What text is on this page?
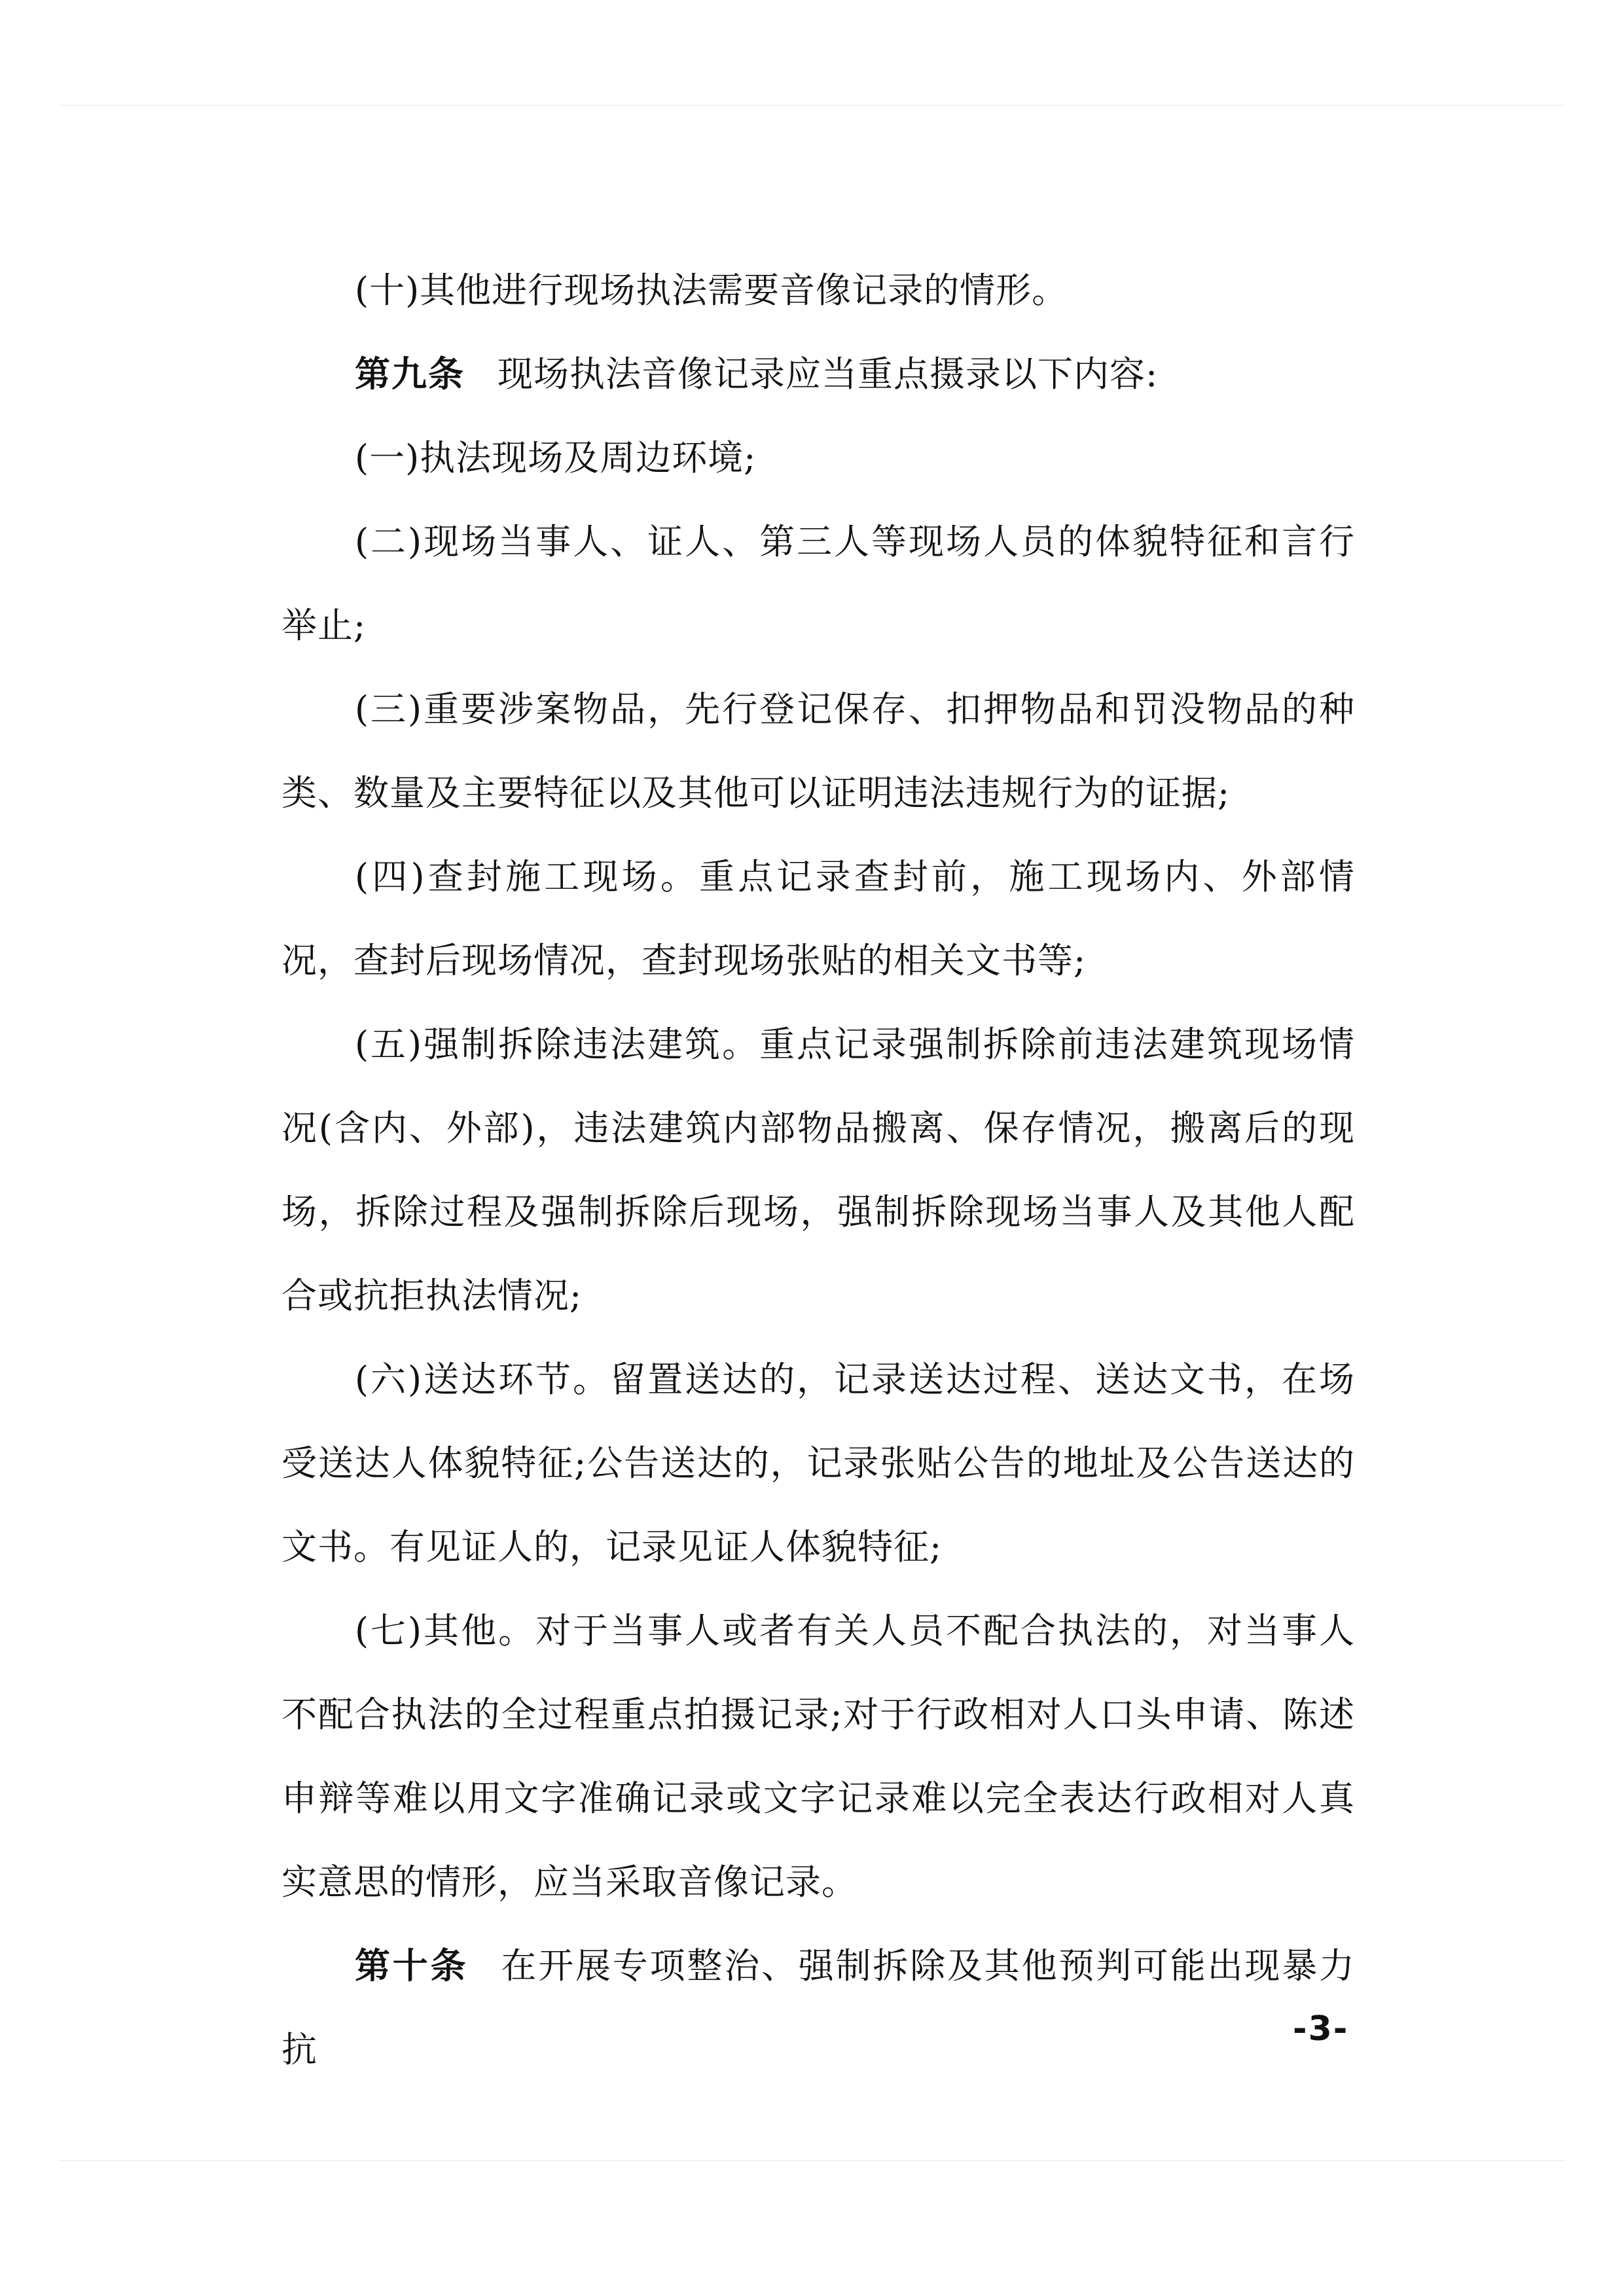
(十)其他进行现场执法需要音像记录的情形。

第九条 现场执法音像记录应当重点摄录以下内容:

(一)执法现场及周边环境;

(二)现场当事人、证人、第三人等现场人员的体貌特征和言行举止;

(三)重要涉案物品，先行登记保存、扣押物品和罚没物品的种类、数量及主要特征以及其他可以证明违法违规行为的证据;

(四)查封施工现场。重点记录查封前，施工现场内、外部情况，查封后现场情况，查封现场张贴的相关文书等;

(五)强制拆除违法建筑。重点记录强制拆除前违法建筑现场情况(含内、外部)，违法建筑内部物品搬离、保存情况，搬离后的现场，拆除过程及强制拆除后现场，强制拆除现场当事人及其他人配合或抗拒执法情况;

(六)送达环节。留置送达的，记录送达过程、送达文书，在场受送达人体貌特征;公告送达的，记录张贴公告的地址及公告送达的文书。有见证人的，记录见证人体貌特征;

(七)其他。对于当事人或者有关人员不配合执法的，对当事人不配合执法的全过程重点拍摄记录;对于行政相对人口头申请、陈述申辩等难以用文字准确记录或文字记录难以完全表达行政相对人真实意思的情形，应当采取音像记录。

第十条 在开展专项整治、强制拆除及其他预判可能出现暴力抗	-3-
